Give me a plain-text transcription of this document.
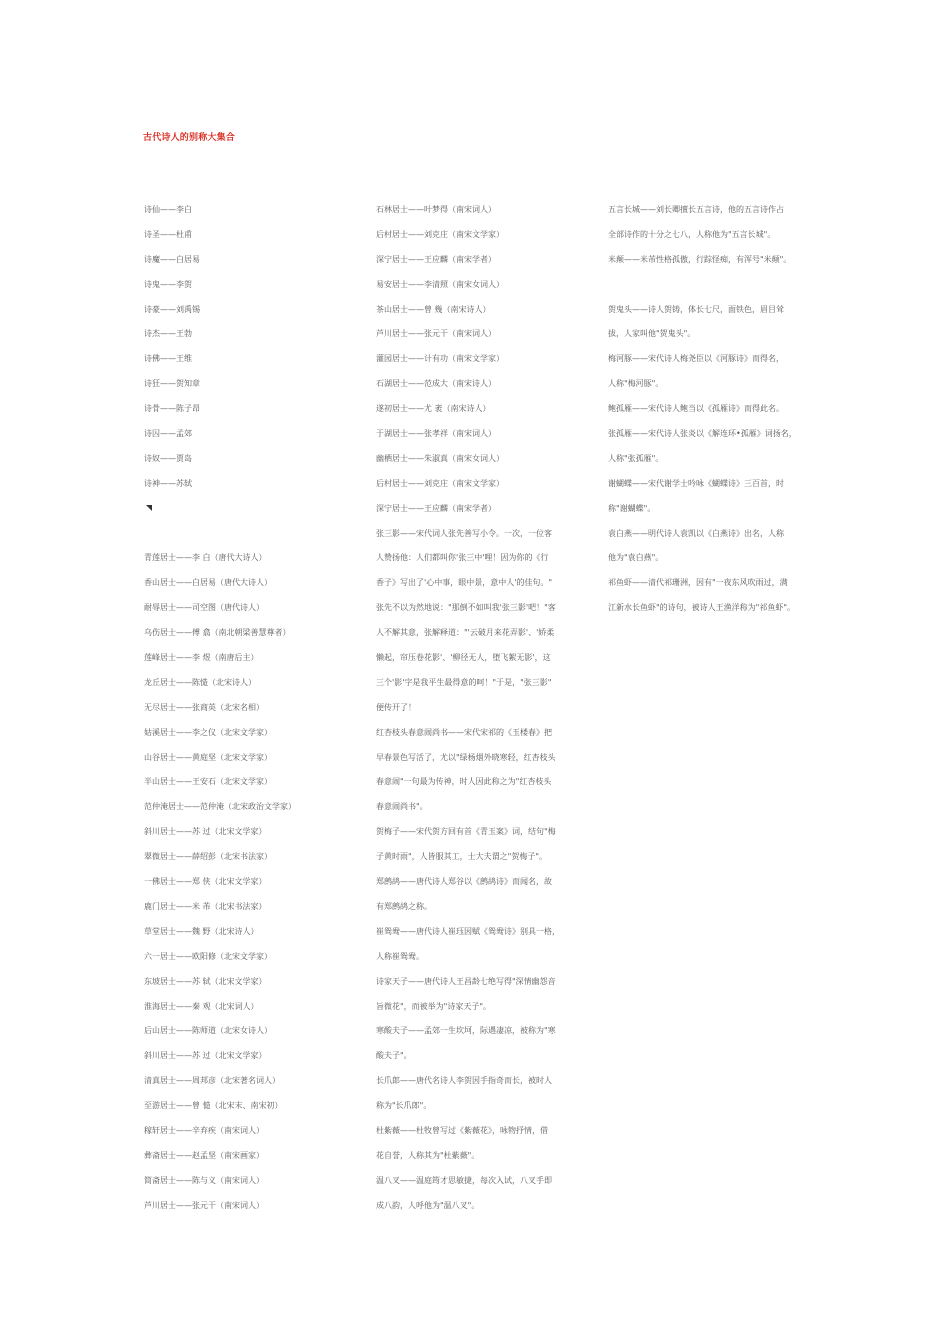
古代诗人的别称大集合
诗仙——李白
诗圣——杜甫
诗魔——白居易
诗鬼——李贺
诗豪——刘禹锡
诗杰——王勃
诗佛——王维
诗狂——贺知章
诗骨——陈子昂
诗囚——孟郊
诗奴——贾岛
诗神——苏轼

青莲居士——李 白（唐代大诗人）
香山居士——白居易（唐代大诗人）
耐辱居士——司空图（唐代诗人）
乌伤居士——傅 翕（南北朝梁善慧尊者）
莲峰居士——李 煜（南唐后主）
龙丘居士——陈慥（北宋诗人）
无尽居士——张商英（北宋名相）
姑溪居士——李之仪（北宋文学家）
山谷居士——黄庭坚（北宋文学家）
半山居士——王安石（北宋文学家）
范仲淹居士——范仲淹（北宋政治文学家）
斜川居士——苏 过（北宋文学家）
翠微居士——薛绍彭（北宋书法家）
一佛居士——郑 侠（北宋文学家）
鹿门居士——米 芾（北宋书法家）
草堂居士——魏 野（北宋诗人）
六一居士——欧阳修（北宋文学家）
东坡居士——苏 轼（北宋文学家）
淮海居士——秦 观（北宋词人）
后山居士——陈师道（北宋女诗人）
斜川居士——苏 过（北宋文学家）
清真居士——周邦彦（北宋著名词人）
至游居士——曾 慥（北宋末、南宋初）
稼轩居士——辛弃疾（南宋词人）
彝斋居士——赵孟坚（南宋画家）
简斋居士——陈与义（南宋词人）
芦川居士——张元干（南宋词人）
石林居士——叶梦得（南宋词人）
后村居士——刘克庄（南宋文学家）
深宁居士——王应麟（南宋学者）
易安居士——李清照（南宋女词人）
茶山居士——曾 幾（南宋诗人）
芦川居士——张元干（南宋词人）
灌园居士——计有功（南宋文学家）
石湖居士——范成大（南宋诗人）
遂初居士——尤 袤（南宋诗人）
于湖居士——张孝祥（南宋词人）
幽栖居士——朱淑真（南宋女词人）
后村居士——刘克庄（南宋文学家）
深宁居士——王应麟（南宋学者）
张三影——宋代词人张先善写小令。一次，一位客
人赞扬他：人们都叫你'张三中'哩！因为你的《行
香子》写出了'心中事，眼中景，意中人'的佳句。"
张先不以为然地说："那倒不如叫我'张三影'吧！"客
人不解其意，张解释道："'云破月来花弄影'、'娇柔
懒起，帘压卷花影'、'柳径无人，堕飞絮无影'，这
三个'影'字是我平生最得意的呵！"于是，"张三影"
便传开了！
红杏枝头春意闹尚书——宋代宋祁的《玉楼春》把
早春景色写活了，尤以"绿杨烟外晓寒轻，红杏枝头
春意闹"一句最为传神，时人因此称之为"红杏枝头
春意闹尚书"。
贺梅子——宋代贺方回有首《青玉案》词，结句"梅
子黄时雨"，人皆服其工，士大夫谓之"贺梅子"。
郑鹧鸪——唐代诗人郑谷以《鹧鸪诗》而闻名，故
有郑鹧鸪之称。
崔鸳鸯——唐代诗人崔珏因赋《鸳鸯诗》别具一格，
人称崔鸳鸯。
诗家天子——唐代诗人王昌龄七绝写得"深情幽怨音
旨微花"，而被举为"诗家天子"。
寒酸夫子——孟郊一生坎坷，际遇凄凉，被称为"寒
酸夫子"。
长爪郎——唐代名诗人李贺因手指奇而长，被时人
称为"长爪郎"。
杜紫薇——杜牧曾写过《紫薇花》，咏物抒情，借
花自誉，人称其为"杜紫薇"。
温八叉——温庭筠才思敏捷，每次入试，八叉手即
成八韵，人呼他为"温八叉"。
五言长城——刘长卿擅长五言诗，他的五言诗作占
全部诗作的十分之七八，人称他为"五言长城"。
米颠——米芾性格孤傲，行踪怪痴，有浑号"米颠"。

贺鬼头——诗人贺铸，体长七尺，面铁色，眉目耸
拔，人家叫他"贺鬼头"。
梅河豚——宋代诗人梅尧臣以《河豚诗》而得名，
人称"梅河豚"。
鲍孤雁——宋代诗人鲍当以《孤雁诗》而得此名。
张孤雁——宋代诗人张炎以《解连环•孤雁》词扬名，
人称"张孤雁"。
谢蝴蝶——宋代谢学士吟咏《蝴蝶诗》三百首，时
称"谢蝴蝶"。
袁白燕——明代诗人袁凯以《白燕诗》出名，人称
他为"袁白燕"。
祁鱼虾——清代祁珊洲，因有"一夜东风吹雨过，满
江新水长鱼虾"的诗句，被诗人王渔洋称为"祁鱼虾"。
